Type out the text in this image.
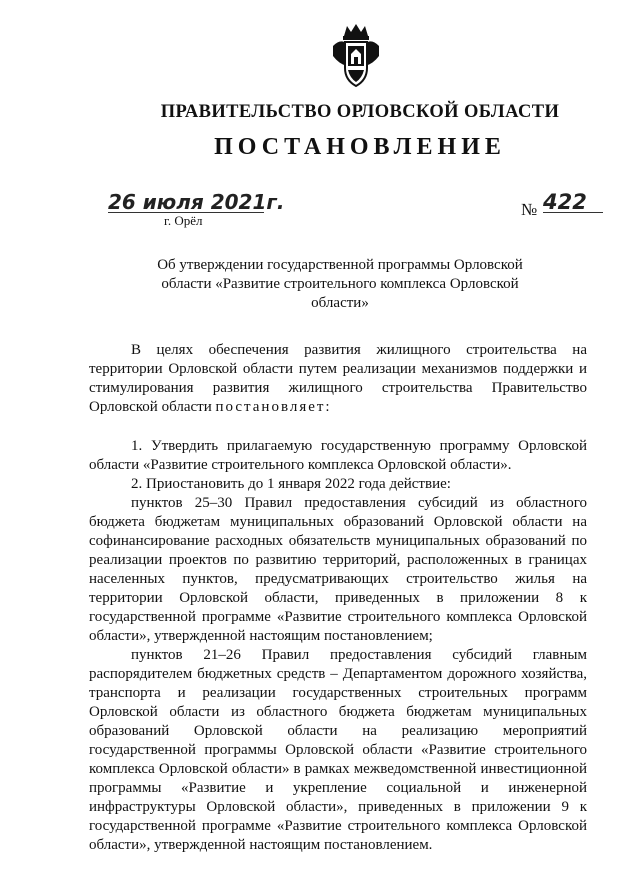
ПРАВИТЕЛЬСТВО ОРЛОВСКОЙ ОБЛАСТИ
ПОСТАНОВЛЕНИЕ
26 июля 2021г.
г. Орёл
№ 422
Об утверждении государственной программы Орловской области «Развитие строительного комплекса Орловской области»

В целях обеспечения развития жилищного строительства на территории Орловской области путем реализации механизмов поддержки и стимулирования развития жилищного строительства Правительство Орловской области постановляет:

1. Утвердить прилагаемую государственную программу Орловской области «Развитие строительного комплекса Орловской области».

2. Приостановить до 1 января 2022 года действие:

пунктов 25–30 Правил предоставления субсидий из областного бюджета бюджетам муниципальных образований Орловской области на софинансирование расходных обязательств муниципальных образований по реализации проектов по развитию территорий, расположенных в границах населенных пунктов, предусматривающих строительство жилья на территории Орловской области, приведенных в приложении 8 к государственной программе «Развитие строительного комплекса Орловской области», утвержденной настоящим постановлением;

пунктов 21–26 Правил предоставления субсидий главным распорядителем бюджетных средств – Департаментом дорожного хозяйства, транспорта и реализации государственных строительных программ Орловской области из областного бюджета бюджетам муниципальных образований Орловской области на реализацию мероприятий государственной программы Орловской области «Развитие строительного комплекса Орловской области» в рамках межведомственной инвестиционной программы «Развитие и укрепление социальной и инженерной инфраструктуры Орловской области», приведенных в приложении 9 к государственной программе «Развитие строительного комплекса Орловской области», утвержденной настоящим постановлением.
